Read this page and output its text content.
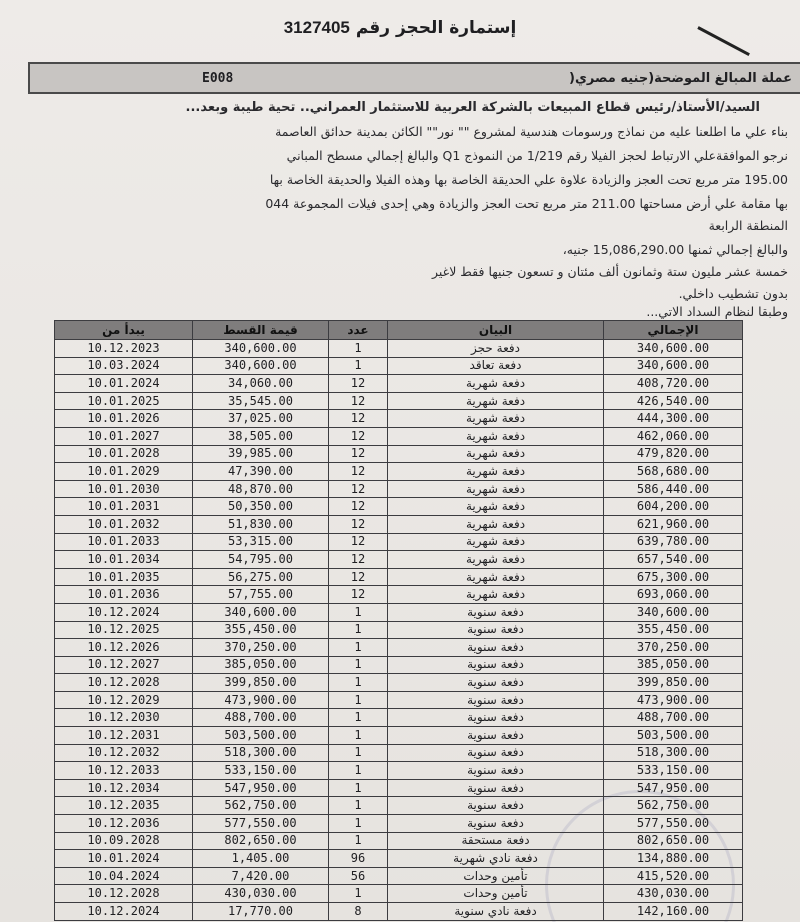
إستمارة الحجز رقم 3127405
عملة المبالغ الموضحة(جنيه مصري(
E008
السيد/الأستاذ/رئيس قطاع المبيعات بالشركة العربية للاستثمار العمراني.. تحية طيبة وبعد...
بناء علي ما اطلعنا عليه من نماذج ورسومات هندسية لمشروع "" نور"" الكائن بمدينة حدائق العاصمة
نرجو الموافقةعلي الارتباط لحجز الفيلا رقم 1/219 من النموذج Q1 والبالغ إجمالي مسطح المباني
195.00 متر مربع تحت العجز والزيادة علاوة علي الحديقة الخاصة بها وهذه الفيلا والحديقة الخاصة بها
بها مقامة علي أرض مساحتها 211.00 متر مربع تحت العجز والزيادة وهي إحدى فيلات المجموعة 044
المنطقة الرابعة
والبالغ إجمالي ثمنها 15,086,290.00 جنيه،
خمسة عشر مليون ستة وثمانون ألف مئتان و تسعون جنيها فقط لاغير
بدون تشطيب داخلي.
وطبقا لنظام السداد الاتي...
الإجمالي	البيان	عدد	قيمة القسط	يبدأ من
340,600.00	دفعة حجز	1	340,600.00	10.12.2023
340,600.00	دفعة تعاقد	1	340,600.00	10.03.2024
408,720.00	دفعة شهرية	12	34,060.00	10.01.2024
426,540.00	دفعة شهرية	12	35,545.00	10.01.2025
444,300.00	دفعة شهرية	12	37,025.00	10.01.2026
462,060.00	دفعة شهرية	12	38,505.00	10.01.2027
479,820.00	دفعة شهرية	12	39,985.00	10.01.2028
568,680.00	دفعة شهرية	12	47,390.00	10.01.2029
586,440.00	دفعة شهرية	12	48,870.00	10.01.2030
604,200.00	دفعة شهرية	12	50,350.00	10.01.2031
621,960.00	دفعة شهرية	12	51,830.00	10.01.2032
639,780.00	دفعة شهرية	12	53,315.00	10.01.2033
657,540.00	دفعة شهرية	12	54,795.00	10.01.2034
675,300.00	دفعة شهرية	12	56,275.00	10.01.2035
693,060.00	دفعة شهرية	12	57,755.00	10.01.2036
340,600.00	دفعة سنوية	1	340,600.00	10.12.2024
355,450.00	دفعة سنوية	1	355,450.00	10.12.2025
370,250.00	دفعة سنوية	1	370,250.00	10.12.2026
385,050.00	دفعة سنوية	1	385,050.00	10.12.2027
399,850.00	دفعة سنوية	1	399,850.00	10.12.2028
473,900.00	دفعة سنوية	1	473,900.00	10.12.2029
488,700.00	دفعة سنوية	1	488,700.00	10.12.2030
503,500.00	دفعة سنوية	1	503,500.00	10.12.2031
518,300.00	دفعة سنوية	1	518,300.00	10.12.2032
533,150.00	دفعة سنوية	1	533,150.00	10.12.2033
547,950.00	دفعة سنوية	1	547,950.00	10.12.2034
562,750.00	دفعة سنوية	1	562,750.00	10.12.2035
577,550.00	دفعة سنوية	1	577,550.00	10.12.2036
802,650.00	دفعة مستحقة	1	802,650.00	10.09.2028
134,880.00	دفعة نادي شهرية	96	1,405.00	10.01.2024
415,520.00	تأمين وحدات	56	7,420.00	10.04.2024
430,030.00	تأمين وحدات	1	430,030.00	10.12.2028
142,160.00	دفعة نادي سنوية	8	17,770.00	10.12.2024
